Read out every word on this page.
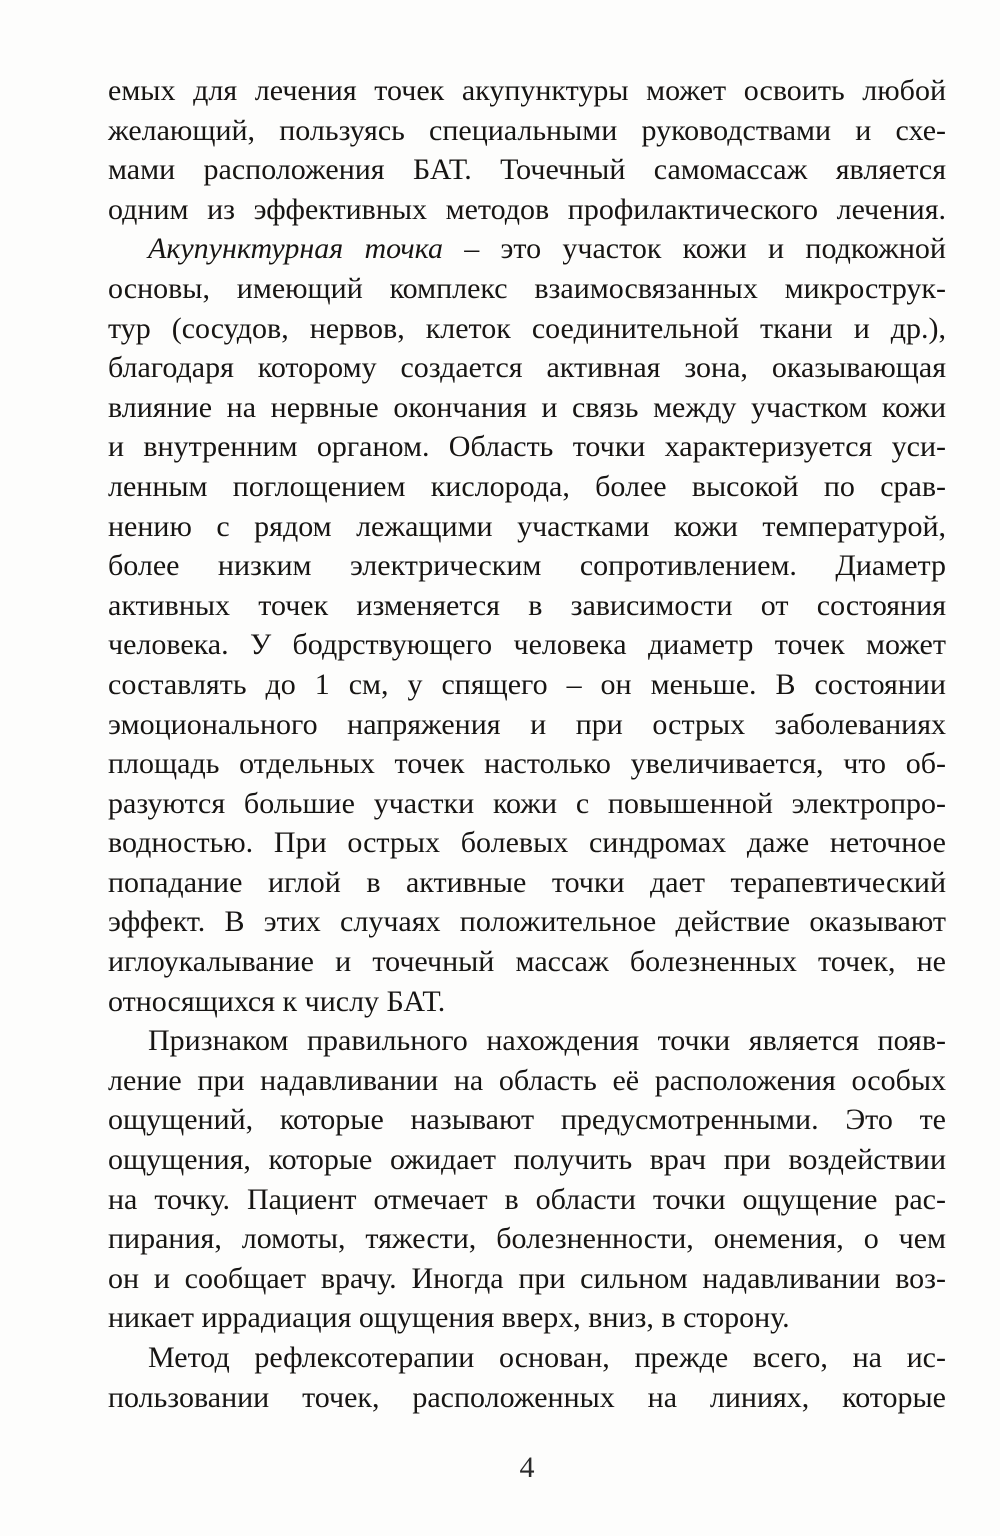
емых для лечения точек акупунктуры может освоить любой
желающий, пользуясь специальными руководствами и схе-
мами расположения БАТ. Точечный самомассаж является
одним из эффективных методов профилактического лечения.
Акупунктурная точка – это участок кожи и подкожной
основы, имеющий комплекс взаимосвязанных микрострук-
тур (сосудов, нервов, клеток соединительной ткани и др.),
благодаря которому создается активная зона, оказывающая
влияние на нервные окончания и связь между участком кожи
и внутренним органом. Область точки характеризуется уси-
ленным поглощением кислорода, более высокой по срав-
нению с рядом лежащими участками кожи температурой,
более низким электрическим сопротивлением. Диаметр
активных точек изменяется в зависимости от состояния
человека. У бодрствующего человека диаметр точек может
составлять до 1 см, у спящего – он меньше. В состоянии
эмоционального напряжения и при острых заболеваниях
площадь отдельных точек настолько увеличивается, что об-
разуются большие участки кожи с повышенной электропро-
водностью. При острых болевых синдромах даже неточное
попадание иглой в активные точки дает терапевтический
эффект. В этих случаях положительное действие оказывают
иглоукалывание и точечный массаж болезненных точек, не
относящихся к числу БАТ.
Признаком правильного нахождения точки является появ-
ление при надавливании на область её расположения особых
ощущений, которые называют предусмотренными. Это те
ощущения, которые ожидает получить врач при воздействии
на точку. Пациент отмечает в области точки ощущение рас-
пирания, ломоты, тяжести, болезненности, онемения, о чем
он и сообщает врачу. Иногда при сильном надавливании воз-
никает иррадиация ощущения вверх, вниз, в сторону.
Метод рефлексотерапии основан, прежде всего, на ис-
пользовании точек, расположенных на линиях, которые
4
